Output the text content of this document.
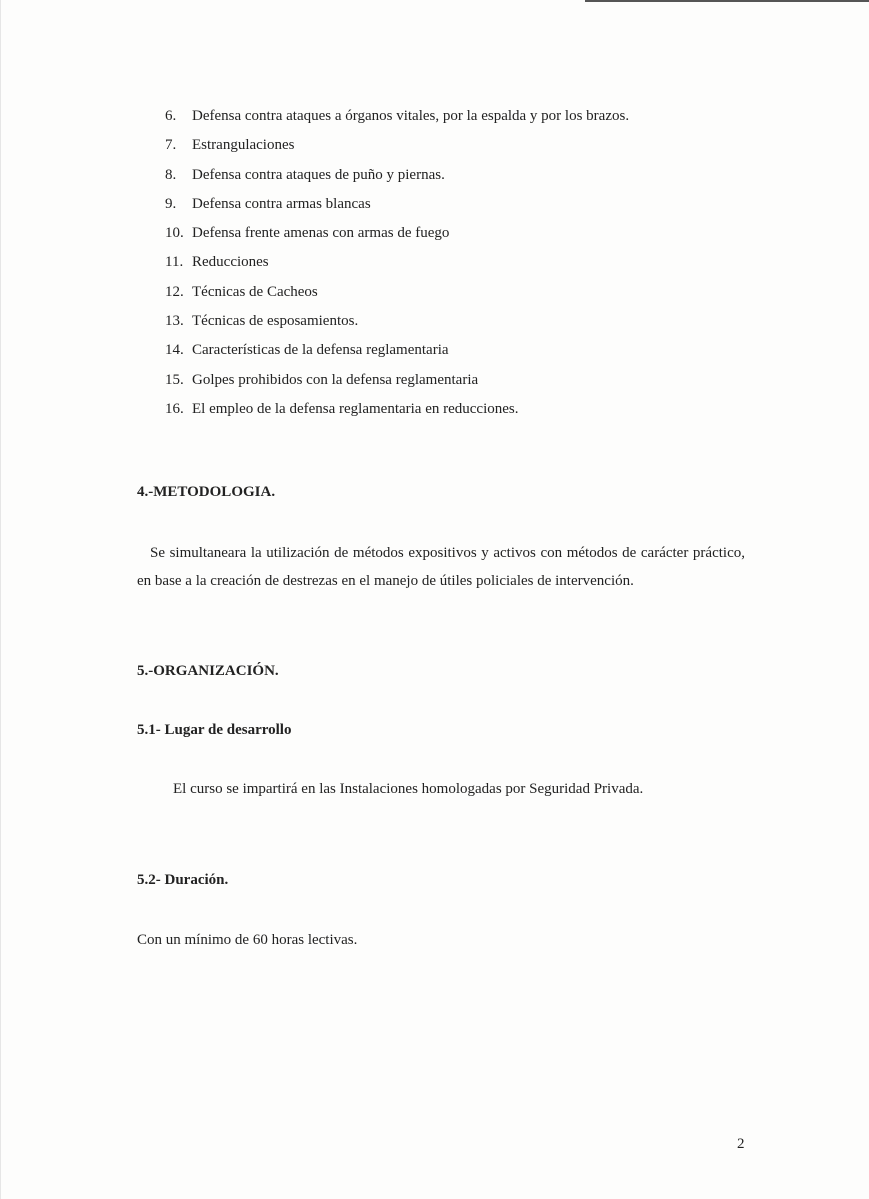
6. Defensa contra ataques a órganos vitales, por la espalda y por los brazos.
7. Estrangulaciones
8. Defensa contra ataques de puño y piernas.
9. Defensa contra armas blancas
10. Defensa frente amenas con armas de fuego
11. Reducciones
12. Técnicas de Cacheos
13. Técnicas de esposamientos.
14. Características de la defensa reglamentaria
15. Golpes prohibidos con la defensa reglamentaria
16. El empleo de la defensa reglamentaria en reducciones.
4.-METODOLOGIA.

Se simultaneara la utilización de métodos expositivos y activos con métodos de carácter práctico, en base a la creación de destrezas en el manejo de útiles policiales de intervención.

5.-ORGANIZACIÓN.
5.1- Lugar de desarrollo

El curso se impartirá en las Instalaciones homologadas por Seguridad Privada.

5.2- Duración.

Con un mínimo de 60 horas lectivas.

2
